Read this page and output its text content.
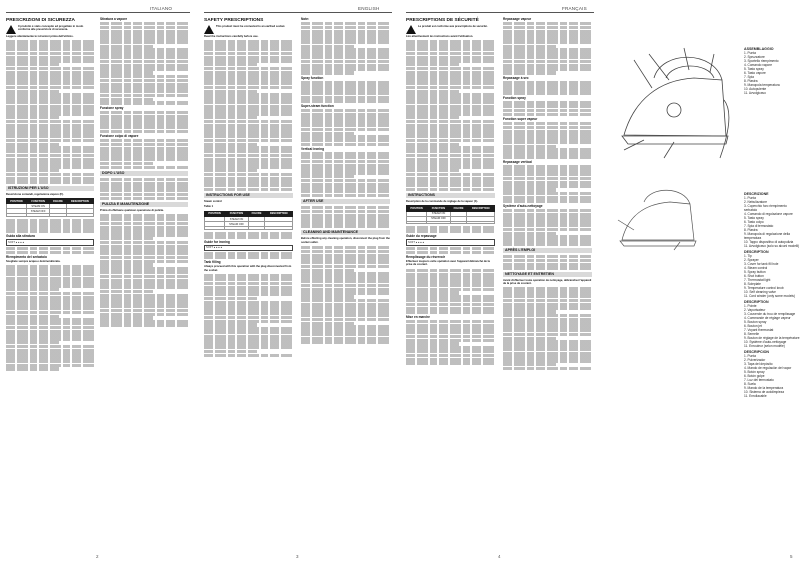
ITALIANO
PRESCRIZIONI DI SICUREZZA
Il prodotto è stato concepito ed progettato in modo conforme alle prescrizioni di sicurezza.
Leggere attentamente le istruzioni prima dell'utilizzo.
ISTRUZIONI PER L'USO
Descrizione comandi, regolazione vapore (F).
POSITION	FUNCTION	FIGURE	DESCRIPTION
	STEAM ON		
	STEAM OFF		

Guida alla stiratura
SOFT ● ● ● ●
Riempimento del serbatoio
Scegliete sempre acqua e demineralizzata.
Stiratura a vapore
Funzione spray
Funzione colpo di vapore
DOPO L'USO
PULIZIA E MANUTENZIONE
Prima di effettuare qualsiasi operazione di pulizia.
2
ENGLISH
SAFETY PRESCRIPTIONS
This product must be connected to an earthed socket.
Read the instructions carefully before use.
INSTRUCTIONS FOR USE
Steam control
Table 1
POSITION	FUNCTION	FIGURE	DESCRIPTION
	STEAM ON		
	STEAM OFF		

Guide for ironing
SOFT ● ● ● ●
Tank filling
Always proceed with this operation with the plug disconnected from the socket.
Note:
Spray function
Super-steam function
Vertical ironing
AFTER USE
CLEANING AND MAINTENANCE
Before effecting any cleaning operation, disconnect the plug from the socket outlet.
3
FRANÇAIS
PRESCRIPTIONS DE SÉCURITÉ
Le produit est conforme aux prescriptions de sécurité.
Lire attentivement les instructions avant l'utilisation.
INSTRUCTIONS
Description de la commande de réglage de la vapeur (1).
POSITION	FUNCTION	FIGURE	DESCRIPTION
	STEAM ON		
	STEAM OFF		

Guide du repassage
SOFT ● ● ● ●
Remplissage du réservoir
Effectuez toujours cette opération avec l'appareil débranché de la prise de courant.
Mise en marche
Repassage vapeur
Repassage à sec
Fonction spray
Fonction super vapeur
Repassage vertical
Système d'auto-nettoyage
APRÈS L'EMPLOI
NETTOYAGE ET ENTRETIEN
Avant d'effectuer toute opération de nettoyage, débranchez l'appareil de la prise de courant.
4
ASSEMBLAGGIO
1. Punta
2. Spruzzatore
3. Sportello riempimento
4. Comando vapore
5. Tasto spray
6. Tasto vapore
7. Spia
8. Piastra
9. Manopola temperatura
10. Autopulente
11. Avvolgicavo
DESCRIZIONE
1. Punta
2. Nebulizzatore
3. Coperchio foro riempimento serbatoio
4. Comando di regolazione vapore
5. Tasto spray
6. Tasto colpo
7. Spia di termostato
8. Piastra
9. Manopola di regolazione della temperatura
10. Tappo dispositivo di autopulizia
11. Avvolgicavo (solo su alcuni modelli)
DESCRIPTION
1. Tip
2. Sprayer
3. Cover for tank fill hole
4. Steam control
5. Spray button
6. Shot button
7. Thermostat light
8. Soleplate
9. Temperature control knob
10. Self cleaning valve
11. Cord winder (only some models)
DESCRIPTION
1. Pointe
2. Vaporisateur
3. Couvercle du trou de remplissage
4. Commande de réglage vapeur
5. Bouton spray
6. Bouton jet
7. Voyant thermostat
8. Semelle
9. Bouton de réglage de la température
10. Système d'auto-nettoyage
11. Enrouleur (selon modèle)
DESCRIPCION
1. Punta
2. Pulverizador
3. Tapa del depósito
4. Mando de regulación del vapor
5. Botón spray
6. Botón golpe
7. Luz del termostato
8. Suela
9. Mando de la temperatura
10. Sistema de autolimpieza
11. Enrollacable
5
